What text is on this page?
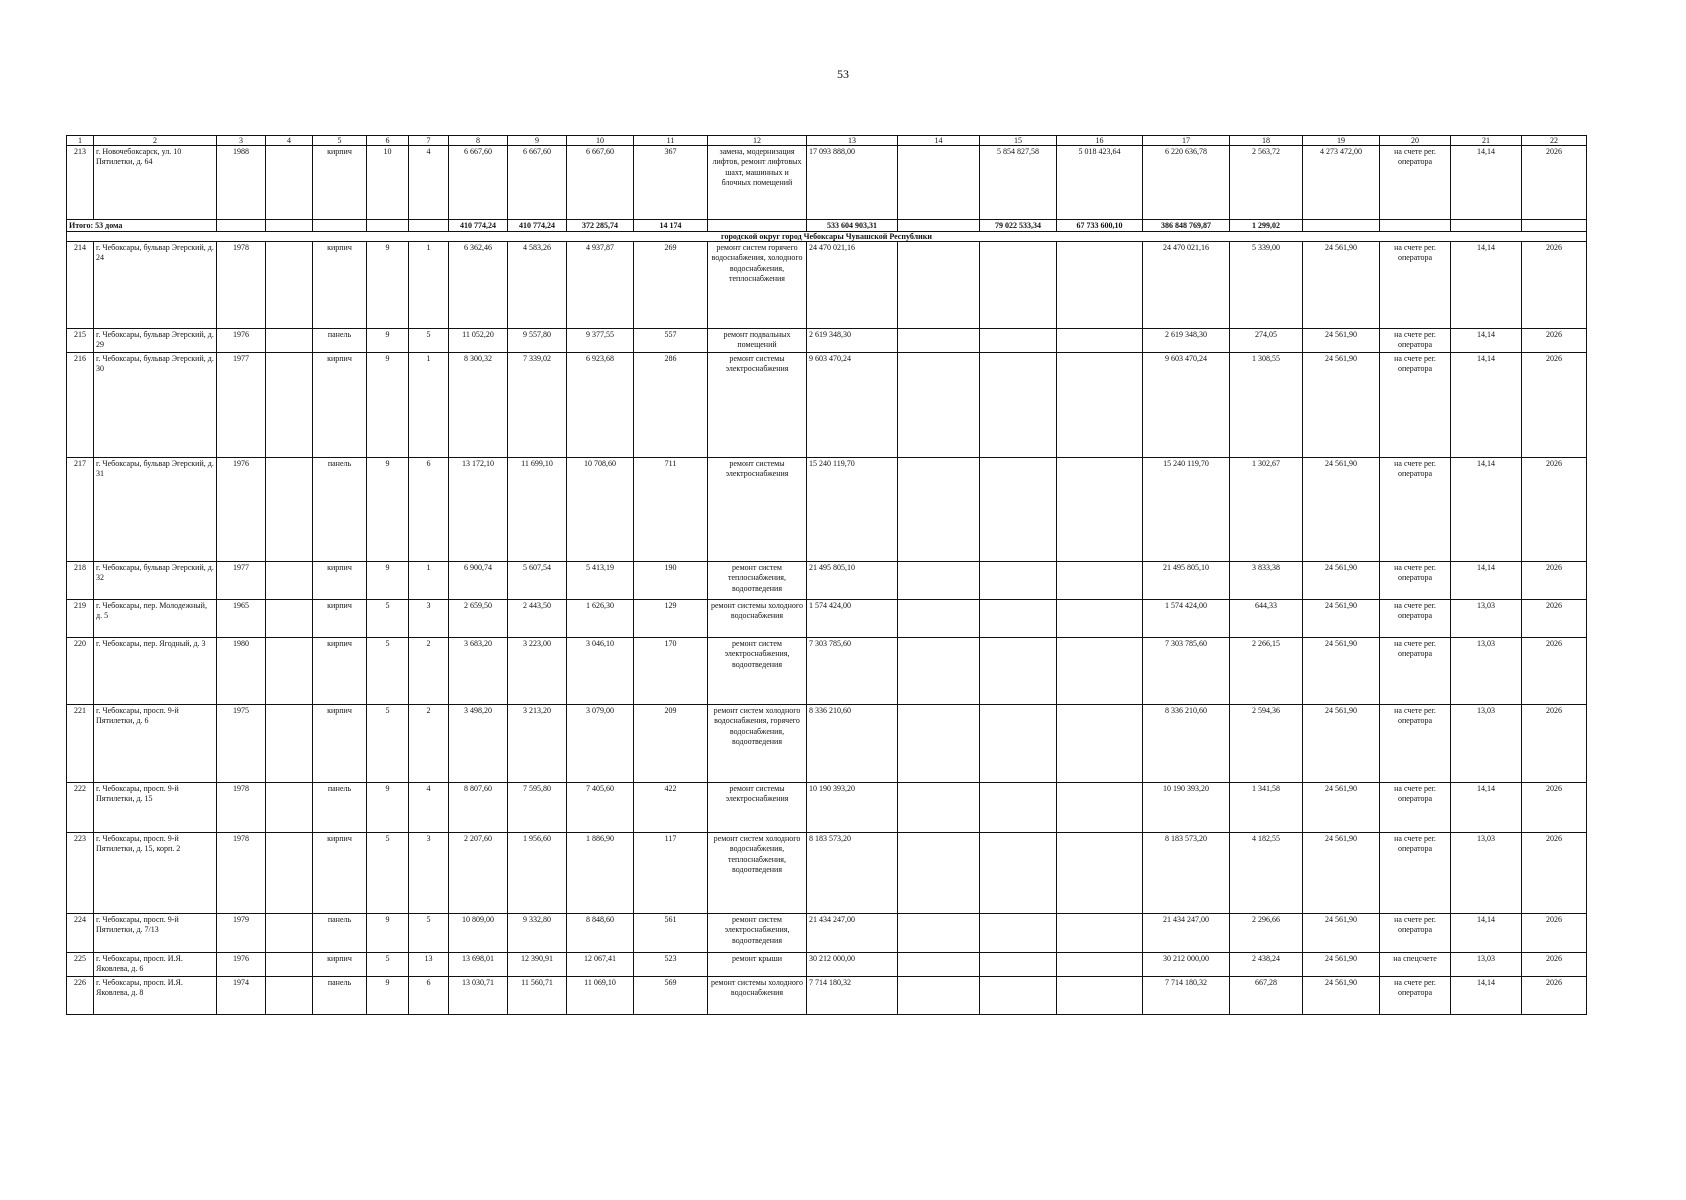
53
1	2	3	4	5	6	7	8	9	10	11	12	13	14	15	16	17	18	19	20	21	22
213	г. Новочебоксарск, ул. 10 Пятилетки, д. 64	1988		кирпич	10	4	6 667,60	6 667,60	6 667,60	367	замена, модернизация лифтов, ремонт лифтовых шахт, машинных и блочных помещений	17 093 888,00		5 854 827,58	5 018 423,64	6 220 636,78	2 563,72	4 273 472,00	на счете рег. оператора	14,14	2026
Итого: 53 дома							410 774,24	410 774,24	372 285,74	14 174		533 604 903,31		79 022 533,34	67 733 600,10	386 848 769,87	1 299,02				
городской округ город Чебоксары Чувашской Республики																					
214	г. Чебоксары, бульвар Эгерский, д. 24	1978		кирпич	9	1	6 362,46	4 583,26	4 937,87	269	ремонт систем горячего водоснабжения, холодного водоснабжения, теплоснабжения	24 470 021,16				24 470 021,16	5 339,00	24 561,90	на счете рег. оператора	14,14	2026
215	г. Чебоксары, бульвар Эгерский, д. 29	1976		панель	9	5	11 052,20	9 557,80	9 377,55	557	ремонт подвальных помещений	2 619 348,30				2 619 348,30	274,05	24 561,90	на счете рег. оператора	14,14	2026
216	г. Чебоксары, бульвар Эгерский, д. 30	1977		кирпич	9	1	8 300,32	7 339,02	6 923,68	286	ремонт системы электроснабжения	9 603 470,24				9 603 470,24	1 308,55	24 561,90	на счете рег. оператора	14,14	2026
217	г. Чебоксары, бульвар Эгерский, д. 31	1976		панель	9	6	13 172,10	11 699,10	10 708,60	711	ремонт системы электроснабжения	15 240 119,70				15 240 119,70	1 302,67	24 561,90	на счете рег. оператора	14,14	2026
218	г. Чебоксары, бульвар Эгерский, д. 32	1977		кирпич	9	1	6 900,74	5 607,54	5 413,19	190	ремонт систем теплоснабжения, водоотведения	21 495 805,10				21 495 805,10	3 833,38	24 561,90	на счете рег. оператора	14,14	2026
219	г. Чебоксары, пер. Молодежный, д. 5	1965		кирпич	5	3	2 659,50	2 443,50	1 626,30	129	ремонт системы холодного водоснабжения	1 574 424,00				1 574 424,00	644,33	24 561,90	на счете рег. оператора	13,03	2026
220	г. Чебоксары, пер. Ягодный, д. 3	1980		кирпич	5	2	3 683,20	3 223,00	3 046,10	170	ремонт систем электроснабжения, водоотведения	7 303 785,60				7 303 785,60	2 266,15	24 561,90	на счете рег. оператора	13,03	2026
221	г. Чебоксары, просп. 9-й Пятилетки, д. 6	1975		кирпич	5	2	3 498,20	3 213,20	3 079,00	209	ремонт систем холодного водоснабжения, горячего водоснабжения, водоотведения	8 336 210,60				8 336 210,60	2 594,36	24 561,90	на счете рег. оператора	13,03	2026
222	г. Чебоксары, просп. 9-й Пятилетки, д. 15	1978		панель	9	4	8 807,60	7 595,80	7 405,60	422	ремонт системы электроснабжения	10 190 393,20				10 190 393,20	1 341,58	24 561,90	на счете рег. оператора	14,14	2026
223	г. Чебоксары, просп. 9-й Пятилетки, д. 15, корп. 2	1978		кирпич	5	3	2 207,60	1 956,60	1 886,90	117	ремонт систем холодного водоснабжения, теплоснабжения, водоотведения	8 183 573,20				8 183 573,20	4 182,55	24 561,90	на счете рег. оператора	13,03	2026
224	г. Чебоксары, просп. 9-й Пятилетки, д. 7/13	1979		панель	9	5	10 809,00	9 332,80	8 848,60	561	ремонт систем электроснабжения, водоотведения	21 434 247,00				21 434 247,00	2 296,66	24 561,90	на счете рег. оператора	14,14	2026
225	г. Чебоксары, просп. И.Я. Яковлева, д. 6	1976		кирпич	5	13	13 698,01	12 390,91	12 067,41	523	ремонт крыши	30 212 000,00				30 212 000,00	2 438,24	24 561,90	на спецсчете	13,03	2026
226	г. Чебоксары, просп. И.Я. Яковлева, д. 8	1974		панель	9	6	13 030,71	11 560,71	11 069,10	569	ремонт системы холодного водоснабжения	7 714 180,32				7 714 180,32	667,28	24 561,90	на счете рег. оператора	14,14	2026
